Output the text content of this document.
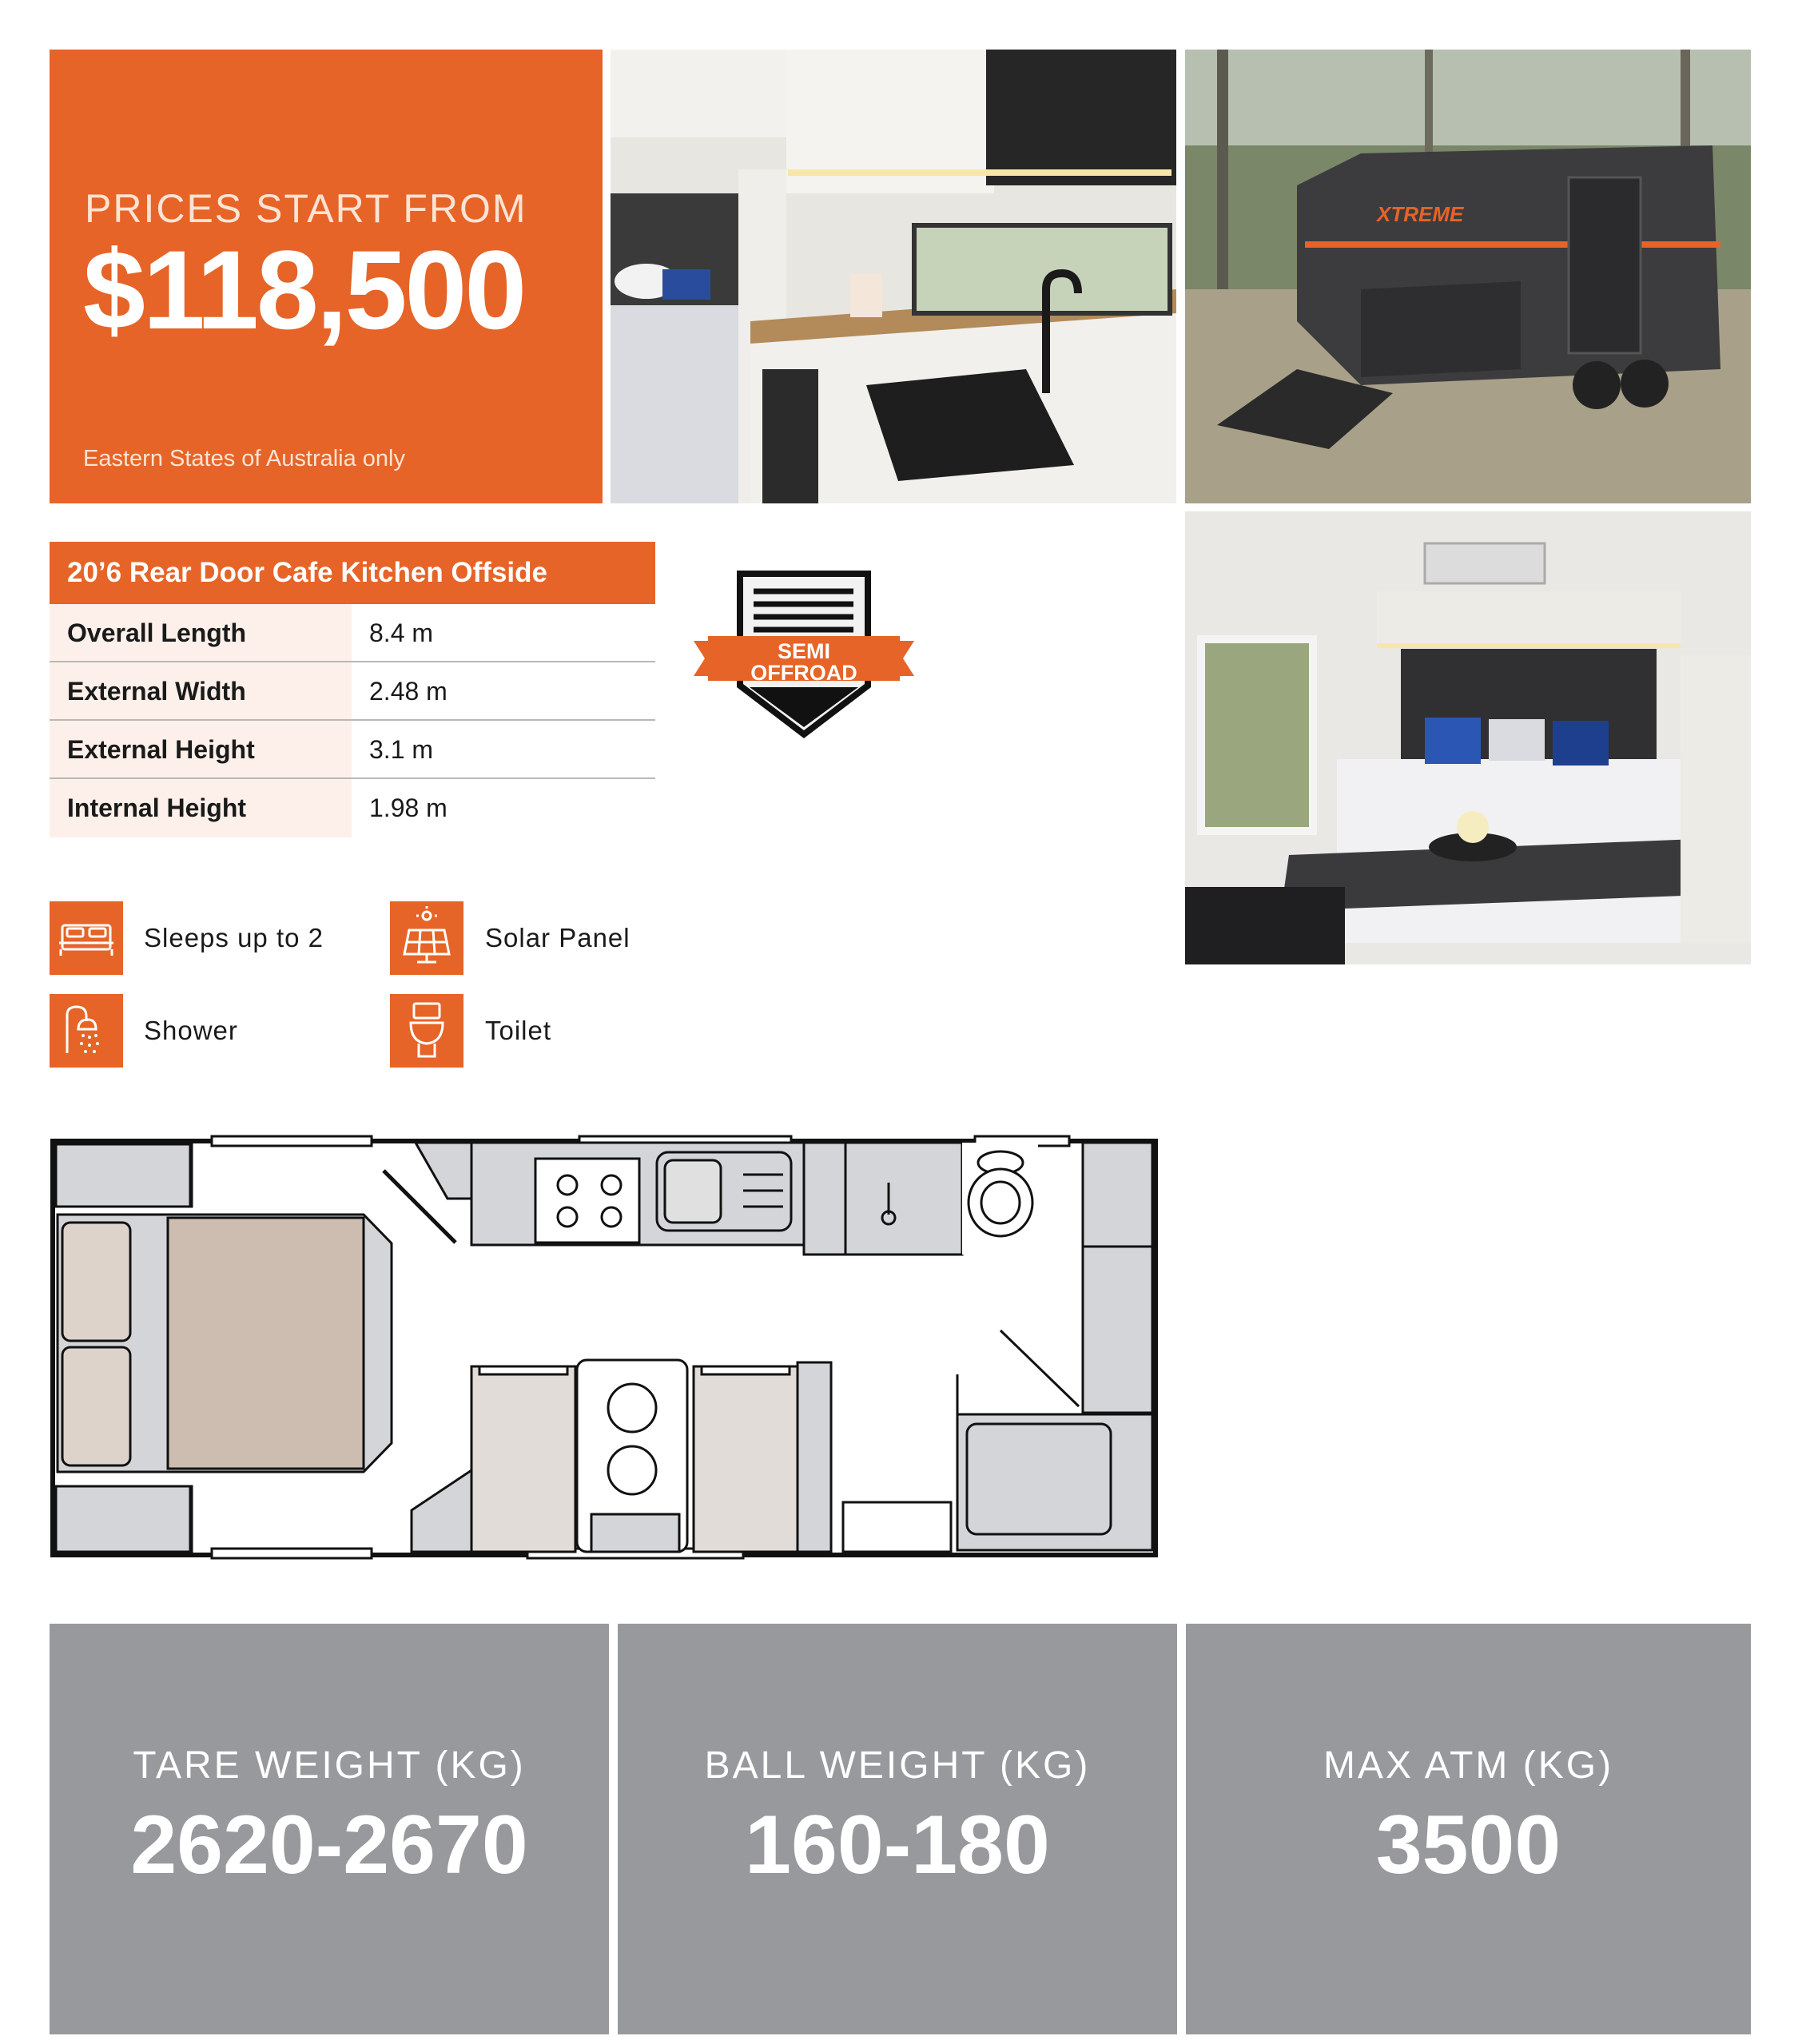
PRICES START FROM
$118,500
Eastern States of Australia only
XTREME
20’6 Rear Door Cafe Kitchen Offside
Overall Length	8.4 m
External Width	2.48 m
External Height	3.1 m
Internal Height	1.98 m
SEMI
OFFROAD
Sleeps up to 2	Solar Panel
Shower	Toilet
TARE WEIGHT (KG)
2620-2670
BALL WEIGHT (KG)
160-180
MAX ATM (KG)
3500
